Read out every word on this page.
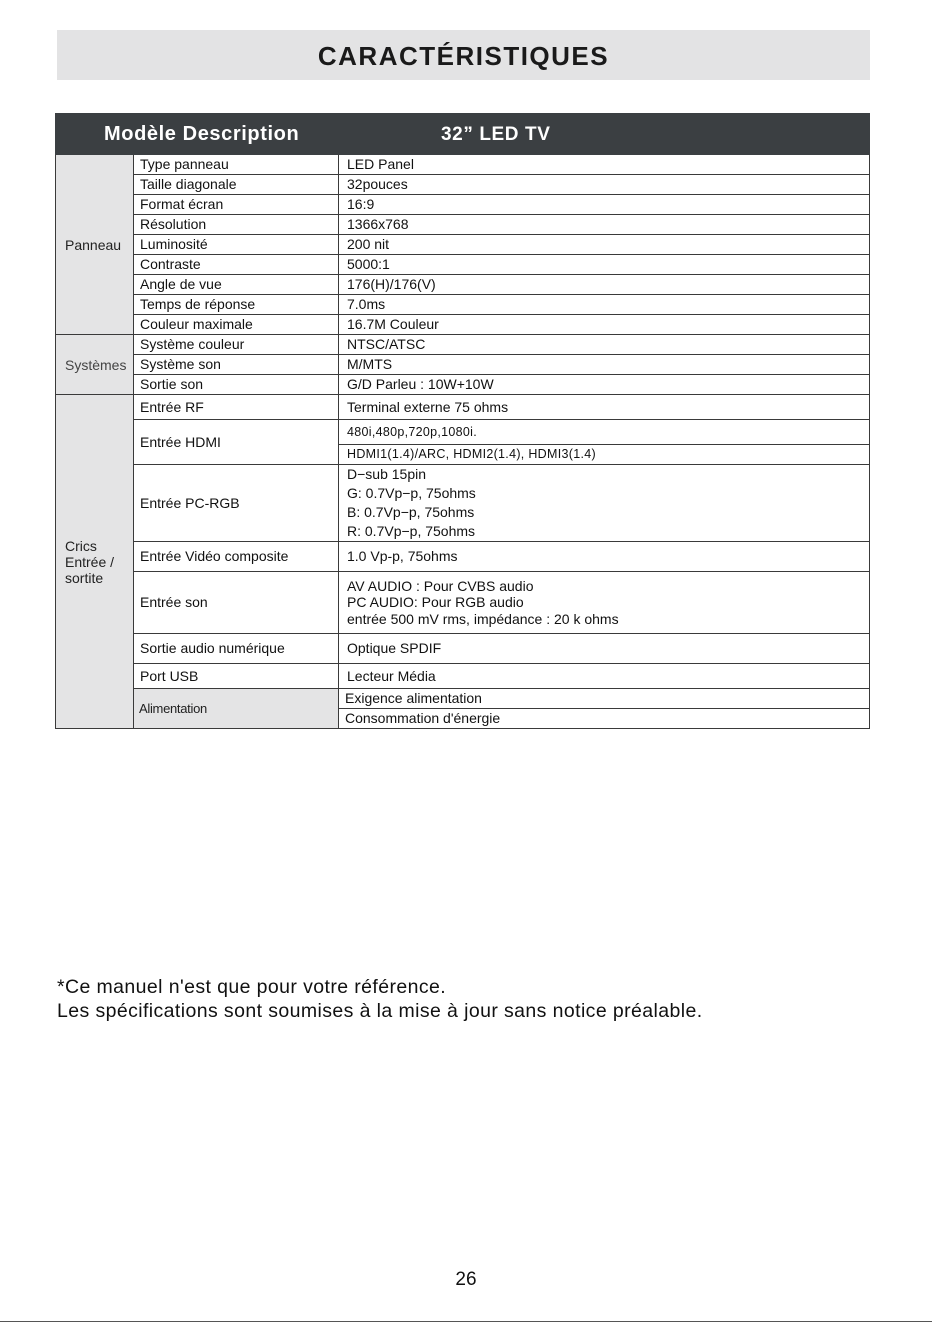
CARACTÉRISTIQUES
Modèle Description		32” LED TV	
Panneau	Type panneau	LED Panel	
	Taille diagonale	32pouces	
	Format écran	16:9	
	Résolution	1366x768	
	Luminosité	200 nit	
	Contraste	5000:1	
	Angle de vue	176(H)/176(V)	
	Temps de réponse	7.0ms	
	Couleur maximale	16.7M Couleur	
Systèmes	Système couleur	NTSC/ATSC	
	Système son	M/MTS	
	Sortie son	G/D Parleu : 10W+10W	
Crics Entrée / sortite	Entrée RF	Terminal externe 75 ohms	
	Entrée HDMI	480i,480p,720p,1080i.	
		HDMI1(1.4)/ARC, HDMI2(1.4), HDMI3(1.4)	
	Entrée PC-RGB	D−sub 15pin
G: 0.7Vp−p, 75ohms
B: 0.7Vp−p, 75ohms
R: 0.7Vp−p, 75ohms	

	Entrée Vidéo composite	1.0 Vp-p, 75ohms	
	Entrée son	AV AUDIO : Pour CVBS audio
PC AUDIO: Pour RGB audio
entrée 500 mV rms, impédance : 20 k ohms	

	Sortie audio numérique	Optique SPDIF	
	Port USB	Lecteur Média	
	Alimentation	Exigence alimentation	
		Consommation d'énergie	
*Ce manuel n'est que pour votre référence.
Les spécifications sont soumises à la mise à jour sans notice préalable.
26
